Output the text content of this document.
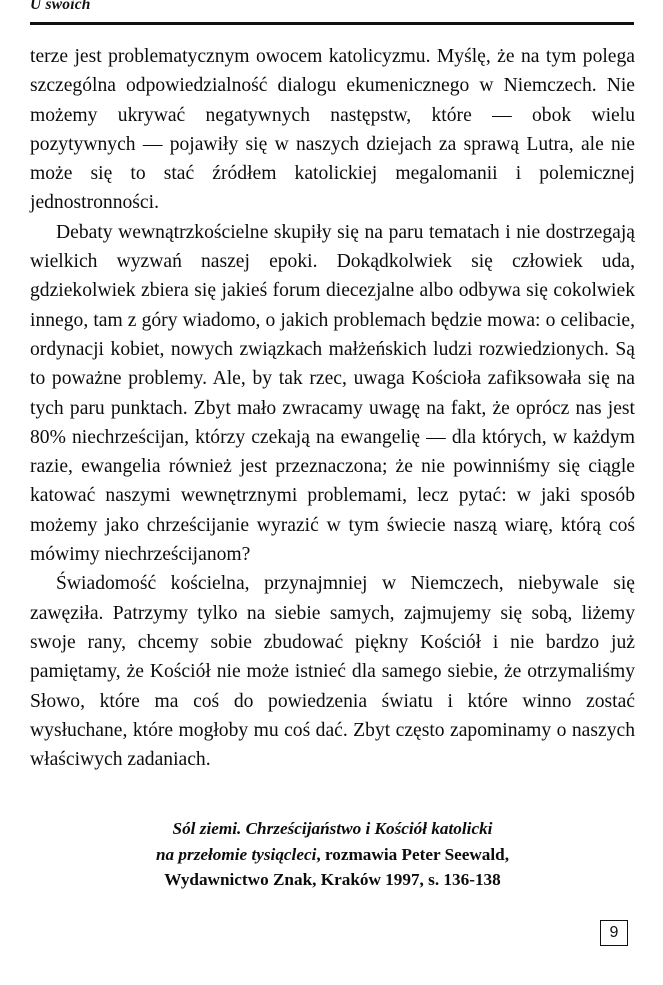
U swoich

terze jest problematycznym owocem katolicyzmu. Myślę, że na tym polega szczególna odpowiedzialność dialogu ekumenicznego w Niemczech. Nie możemy ukrywać negatywnych następstw, które — obok wielu pozytywnych — pojawiły się w naszych dziejach za sprawą Lutra, ale nie może się to stać źródłem katolickiej megalomanii i polemicznej jednostronności.

Debaty wewnątrzkościelne skupiły się na paru tematach i nie dostrzegają wielkich wyzwań naszej epoki. Dokądkolwiek się człowiek uda, gdziekolwiek zbiera się jakieś forum diecezjalne albo odbywa się cokolwiek innego, tam z góry wiadomo, o jakich problemach będzie mowa: o celibacie, ordynacji kobiet, nowych związkach małżeńskich ludzi rozwiedzionych. Są to poważne problemy. Ale, by tak rzec, uwaga Kościoła zafiksowała się na tych paru punktach. Zbyt mało zwracamy uwagę na fakt, że oprócz nas jest 80% niechrześcijan, którzy czekają na ewangelię — dla których, w każdym razie, ewangelia również jest przeznaczona; że nie powinniśmy się ciągle katować naszymi wewnętrznymi problemami, lecz pytać: w jaki sposób możemy jako chrześcijanie wyrazić w tym świecie naszą wiarę, którą coś mówimy niechrześcijanom?

Świadomość kościelna, przynajmniej w Niemczech, niebywale się zawęziła. Patrzymy tylko na siebie samych, zajmujemy się sobą, liżemy swoje rany, chcemy sobie zbudować piękny Kościół i nie bardzo już pamiętamy, że Kościół nie może istnieć dla samego siebie, że otrzymaliśmy Słowo, które ma coś do powiedzenia światu i które winno zostać wysłuchane, które mogłoby mu coś dać. Zbyt często zapominamy o naszych właściwych zadaniach.

Sól ziemi. Chrześcijaństwo i Kościół katolicki
na przełomie tysiącleci, rozmawia Peter Seewald,
Wydawnictwo Znak, Kraków 1997, s. 136-138
9
